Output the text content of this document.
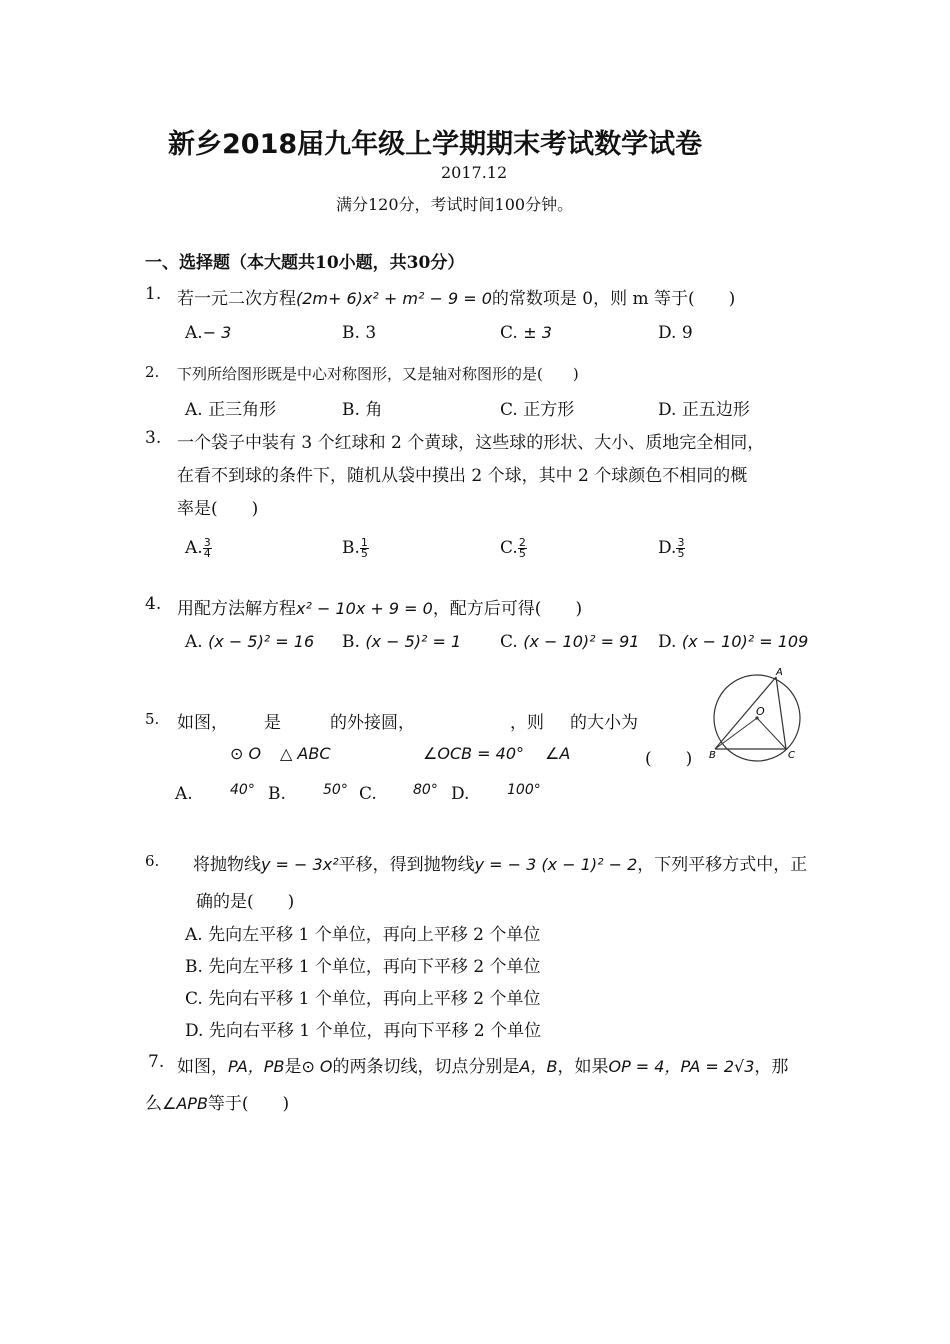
新乡2018届九年级上学期期末考试数学试卷
2017.12
满分120分，考试时间100分钟。
一、选择题（本大题共10小题，共30分）
1. 若一元二次方程(2m+ 6)x² + m² − 9 = 0的常数项是 0，则 m 等于(　　)
A.− 3	B. 3	C. ± 3	D. 9
2. 下列所给图形既是中心对称图形，又是轴对称图形的是(　　)
A. 正三角形	B. 角	C. 正方形	D. 正五边形
3. 一个袋子中装有 3 个红球和 2 个黄球，这些球的形状、大小、质地完全相同，
在看不到球的条件下，随机从袋中摸出 2 个球，其中 2 个球颜色不相同的概
率是(　　)
A. $\frac{3}{4}$	B. $\frac{1}{5}$	C. $\frac{2}{5}$	D. $\frac{3}{5}$
4. 用配方法解方程x² − 10x + 9 = 0，配方后可得(　　)
A. (x − 5)² = 16 B. (x − 5)² = 1 C. (x − 10)² = 91 D. (x − 10)² = 109
5. 如图， 是	的外接圆，	，则 的大小为
⊙ O △ ABC	∠OCB = 40° ∠A	(　　)
A
B	C
O
A.	40° B.	50° C.	80° D.	100°
6. 将抛物线y = − 3x²平移，得到抛物线y = − 3 (x − 1)² − 2，下列平移方式中，正
确的是(　　)
A. 先向左平移 1 个单位，再向上平移 2 个单位
B. 先向左平移 1 个单位，再向下平移 2 个单位
C. 先向右平移 1 个单位，再向上平移 2 个单位
D. 先向右平移 1 个单位，再向下平移 2 个单位
7. 如图，PA，PB是⊙ O的两条切线，切点分别是A，B，如果OP = 4，PA = 2√3，那
么∠APB等于(　　)
